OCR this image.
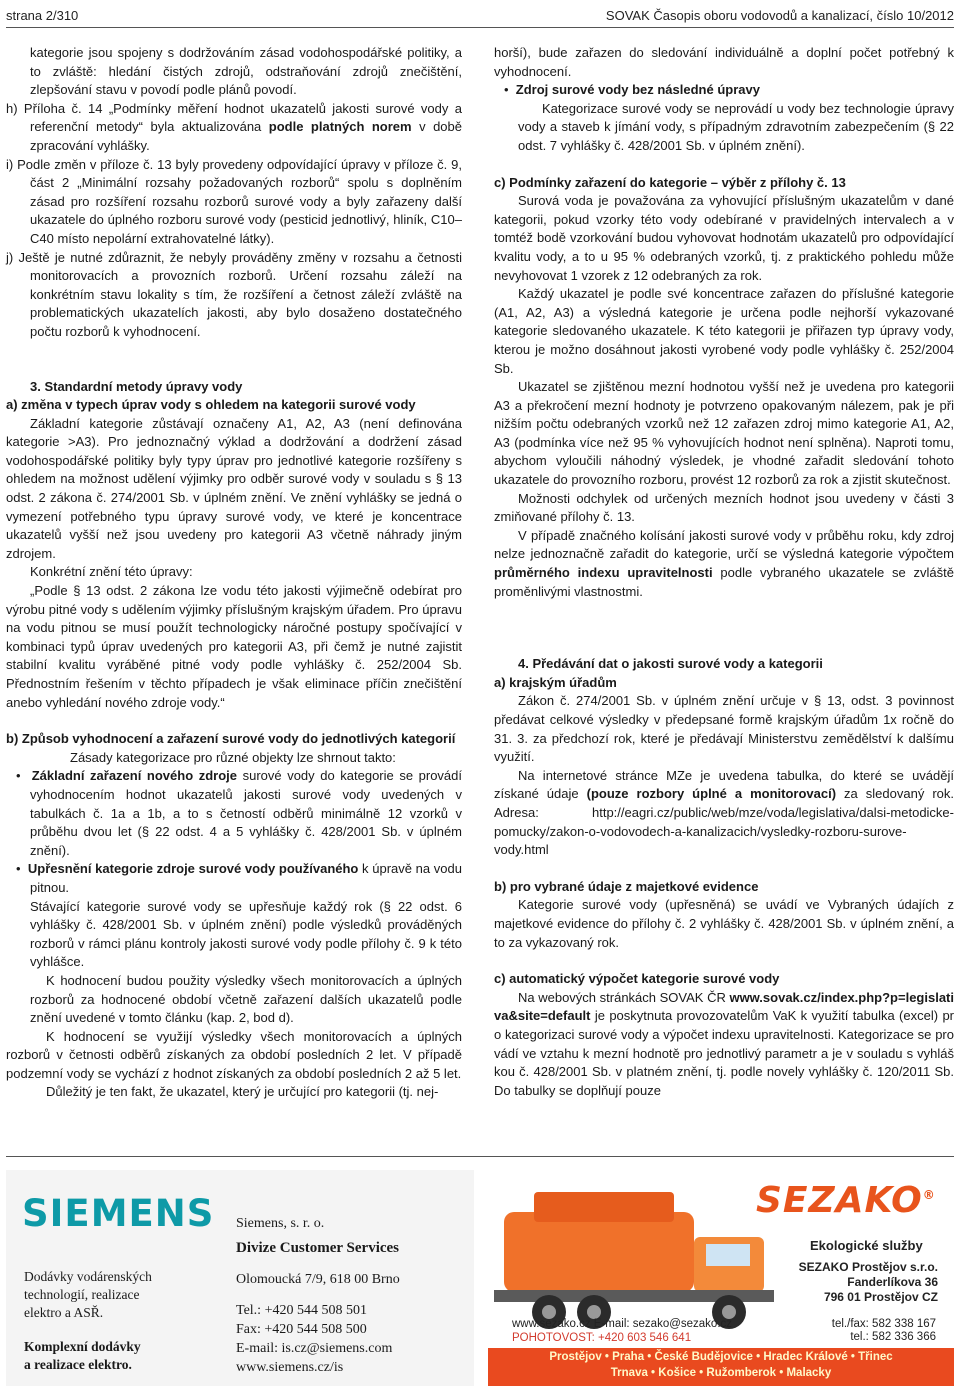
strana 2/310	SOVAK Časopis oboru vodovodů a kanalizací, číslo 10/2012

kategorie jsou spojeny s dodržováním zásad vodohospodářské politiky, a to zvláště: hledání čistých zdrojů, odstraňování zdrojů znečištění, zlepšování stavu v povodí podle plánů povodí.

h) Příloha č. 14 „Podmínky měření hodnot ukazatelů jakosti surové vody a referenční metody“ byla aktualizována podle platných norem v době zpracování vyhlášky.

i) Podle změn v příloze č. 13 byly provedeny odpovídající úpravy v příloze č. 9, část 2 „Minimální rozsahy požadovaných rozborů“ spolu s doplněním zásad pro rozšíření rozsahu rozborů surové vody a byly zařazeny další ukazatele do úplného rozboru surové vody (pesticid jednotlivý, hliník, C10–C40 místo nepolární extrahovatelné látky).

j) Ještě je nutné zdůraznit, že nebyly prováděny změny v rozsahu a četnosti monitorovacích a provozních rozborů. Určení rozsahu záleží na konkrétním stavu lokality s tím, že rozšíření a četnost záleží zvláště na problematických ukazatelích jakosti, aby bylo dosaženo dostatečného počtu rozborů k vyhodnocení.

3. Standardní metody úpravy vody

a) změna v typech úprav vody s ohledem na kategorii surové vody

Základní kategorie zůstávají označeny A1, A2, A3 (není definována kategorie >A3). Pro jednoznačný výklad a dodržování a dodržení zásad vodohospodářské politiky byly typy úprav pro jednotlivé kategorie rozšířeny s ohledem na možnost udělení výjimky pro odběr surové vody v souladu s § 13 odst. 2 zákona č. 274/2001 Sb. v úplném znění. Ve znění vyhlášky se jedná o vymezení potřebného typu úpravy surové vody, ve které je koncentrace ukazatelů vyšší než jsou uvedeny pro kategorii A3 včetně náhrady jiným zdrojem.

Konkrétní znění této úpravy:

„Podle § 13 odst. 2 zákona lze vodu této jakosti výjimečně odebírat pro výrobu pitné vody s udělením výjimky příslušným krajským úřadem. Pro úpravu na vodu pitnou se musí použít technologicky náročné postupy spočívající v kombinaci typů úprav uvedených pro kategorii A3, při čemž je nutné zajistit stabilní kvalitu vyráběné pitné vody podle vyhlášky č. 252/2004 Sb. Přednostním řešením v těchto případech je však eliminace příčin znečištění anebo vyhledání nového zdroje vody.“

b) Způsob vyhodnocení a zařazení surové vody do jednotlivých kategorií

Zásady kategorizace pro různé objekty lze shrnout takto:

•  Základní zařazení nového zdroje surové vody do kategorie se provádí vyhodnocením hodnot ukazatelů jakosti surové vody uvedených v tabulkách č. 1a a 1b, a to s četností odběrů minimálně 12 vzorků v průběhu dvou let (§ 22 odst. 4 a 5 vyhlášky č. 428/2001 Sb. v úplném znění).

•  Upřesnění kategorie zdroje surové vody používaného k úpravě na vodu pitnou.

Stávající kategorie surové vody se upřesňuje každý rok (§ 22 odst. 6 vyhlášky č. 428/2001 Sb. v úplném znění) podle výsledků prováděných rozborů v rámci plánu kontroly jakosti surové vody podle přílohy č. 9 k této vyhlášce.

K hodnocení budou použity výsledky všech monitorovacích a úplných rozborů za hodnocené období včetně zařazení dalších ukazatelů podle znění uvedené v tomto článku (kap. 2, bod d).

K hodnocení se využijí výsledky všech monitorovacích a úplných rozborů v četnosti odběrů získaných za období posledních 2 let. V případě podzemní vody se vychází z hodnot získaných za období posledních 2 až 5 let.

Důležitý je ten fakt, že ukazatel, který je určující pro kategorii (tj. nej-

horší), bude zařazen do sledování individuálně a doplní počet potřebný k vyhodnocení.

•  Zdroj surové vody bez následné úpravy

Kategorizace surové vody se neprovádí u vody bez technologie úpravy vody a staveb k jímání vody, s případným zdravotním zabezpečením (§ 22 odst. 7 vyhlášky č. 428/2001 Sb. v úplném znění).

c) Podmínky zařazení do kategorie – výběr z přílohy č. 13

Surová voda je považována za vyhovující příslušným ukazatelům v dané kategorii, pokud vzorky této vody odebírané v pravidelných intervalech a v tomtéž bodě vzorkování budou vyhovovat hodnotám ukazatelů pro odpovídající kvalitu vody, a to u 95 % odebraných vzorků, tj. z praktického pohledu může nevyhovovat 1 vzorek z 12 odebraných za rok.

Každý ukazatel je podle své koncentrace zařazen do příslušné kategorie (A1, A2, A3) a výsledná kategorie je určena podle nejhorší vykazované kategorie sledovaného ukazatele. K této kategorii je přiřazen typ úpravy vody, kterou je možno dosáhnout jakosti vyrobené vody podle vyhlášky č. 252/2004 Sb.

Ukazatel se zjištěnou mezní hodnotou vyšší než je uvedena pro kategorii A3 a překročení mezní hodnoty je potvrzeno opakovaným nálezem, pak je při nižším počtu odebraných vzorků než 12 zařazen zdroj mimo kategorie A1, A2, A3 (podmínka více než 95 % vyhovujících hodnot není splněna). Naproti tomu, abychom vyloučili náhodný výsledek, je vhodné zařadit sledování tohoto ukazatele do provozního rozboru, provést 12 rozborů za rok a zjistit skutečnost.

Možnosti odchylek od určených mezních hodnot jsou uvedeny v části 3 zmiňované přílohy č. 13.

V případě značného kolísání jakosti surové vody v průběhu roku, kdy zdroj nelze jednoznačně zařadit do kategorie, určí se výsledná kategorie výpočtem průměrného indexu upravitelnosti podle vybraného ukazatele se zvláště proměnlivými vlastnostmi.

4. Předávání dat o jakosti surové vody a kategorii

a) krajským úřadům

Zákon č. 274/2001 Sb. v úplném znění určuje v § 13, odst. 3 povinnost předávat celkové výsledky v předepsané formě krajským úřadům 1x ročně do 31. 3. za předchozí rok, které je předávají Ministerstvu zemědělství k dalšímu využití.

Na internetové stránce MZe je uvedena tabulka, do které se uvádějí získané údaje (pouze rozbory úplné a monitorovací) za sledovaný rok. Adresa: http://eagri.cz/public/web/mze/voda/legislativa/dalsi-metodicke-pomucky/zakon-o-vodovodech-a-kanalizacich/vysledky-rozboru-surove-vody.html

b) pro vybrané údaje z majetkové evidence

Kategorie surové vody (upřesněná) se uvádí ve Vybraných údajích z majetkové evidence do přílohy č. 2 vyhlášky č. 428/2001 Sb. v úplném znění, a to za vykazovaný rok.

c) automatický výpočet kategorie surové vody

Na webových stránkách SOVAK ČR www.sovak.cz/index.php?p=legislativa&site=default je poskytnuta provozovatelům VaK k využití tabulka (excel) pro kategorizaci surové vody a výpočet indexu upravitelnosti. Kategorizace se provádí ve vztahu k mezní hodnotě pro jednotlivý parametr a je v souladu s vyhláškou č. 428/2001 Sb. v platném znění, tj. podle novely vyhlášky č. 120/2011 Sb. Do tabulky se doplňují pouze

SIEMENS
Dodávky vodárenských
technologií, realizace
elektro a ASŘ.
Komplexní dodávky
a realizace elektro.
Siemens, s. r. o.
Divize Customer Services
Olomoucká 7/9, 618 00 Brno
Tel.: +420 544 508 501
Fax: +420 544 508 500
E-mail: is.cz@siemens.com
www.siemens.cz/is
SEZAKO®
Ekologické služby
SEZAKO Prostějov s.r.o.
Fanderlíkova 36
796 01 Prostějov CZ
www.sezako.cz E-mail: sezako@sezako.cz	tel./fax: 582 338 167
tel.: 582 336 366
POHOTOVOST: +420 603 546 641
Prostějov • Praha • České Budějovice • Hradec Králové • Třinec
Trnava • Košice • Ružomberok • Malacky
